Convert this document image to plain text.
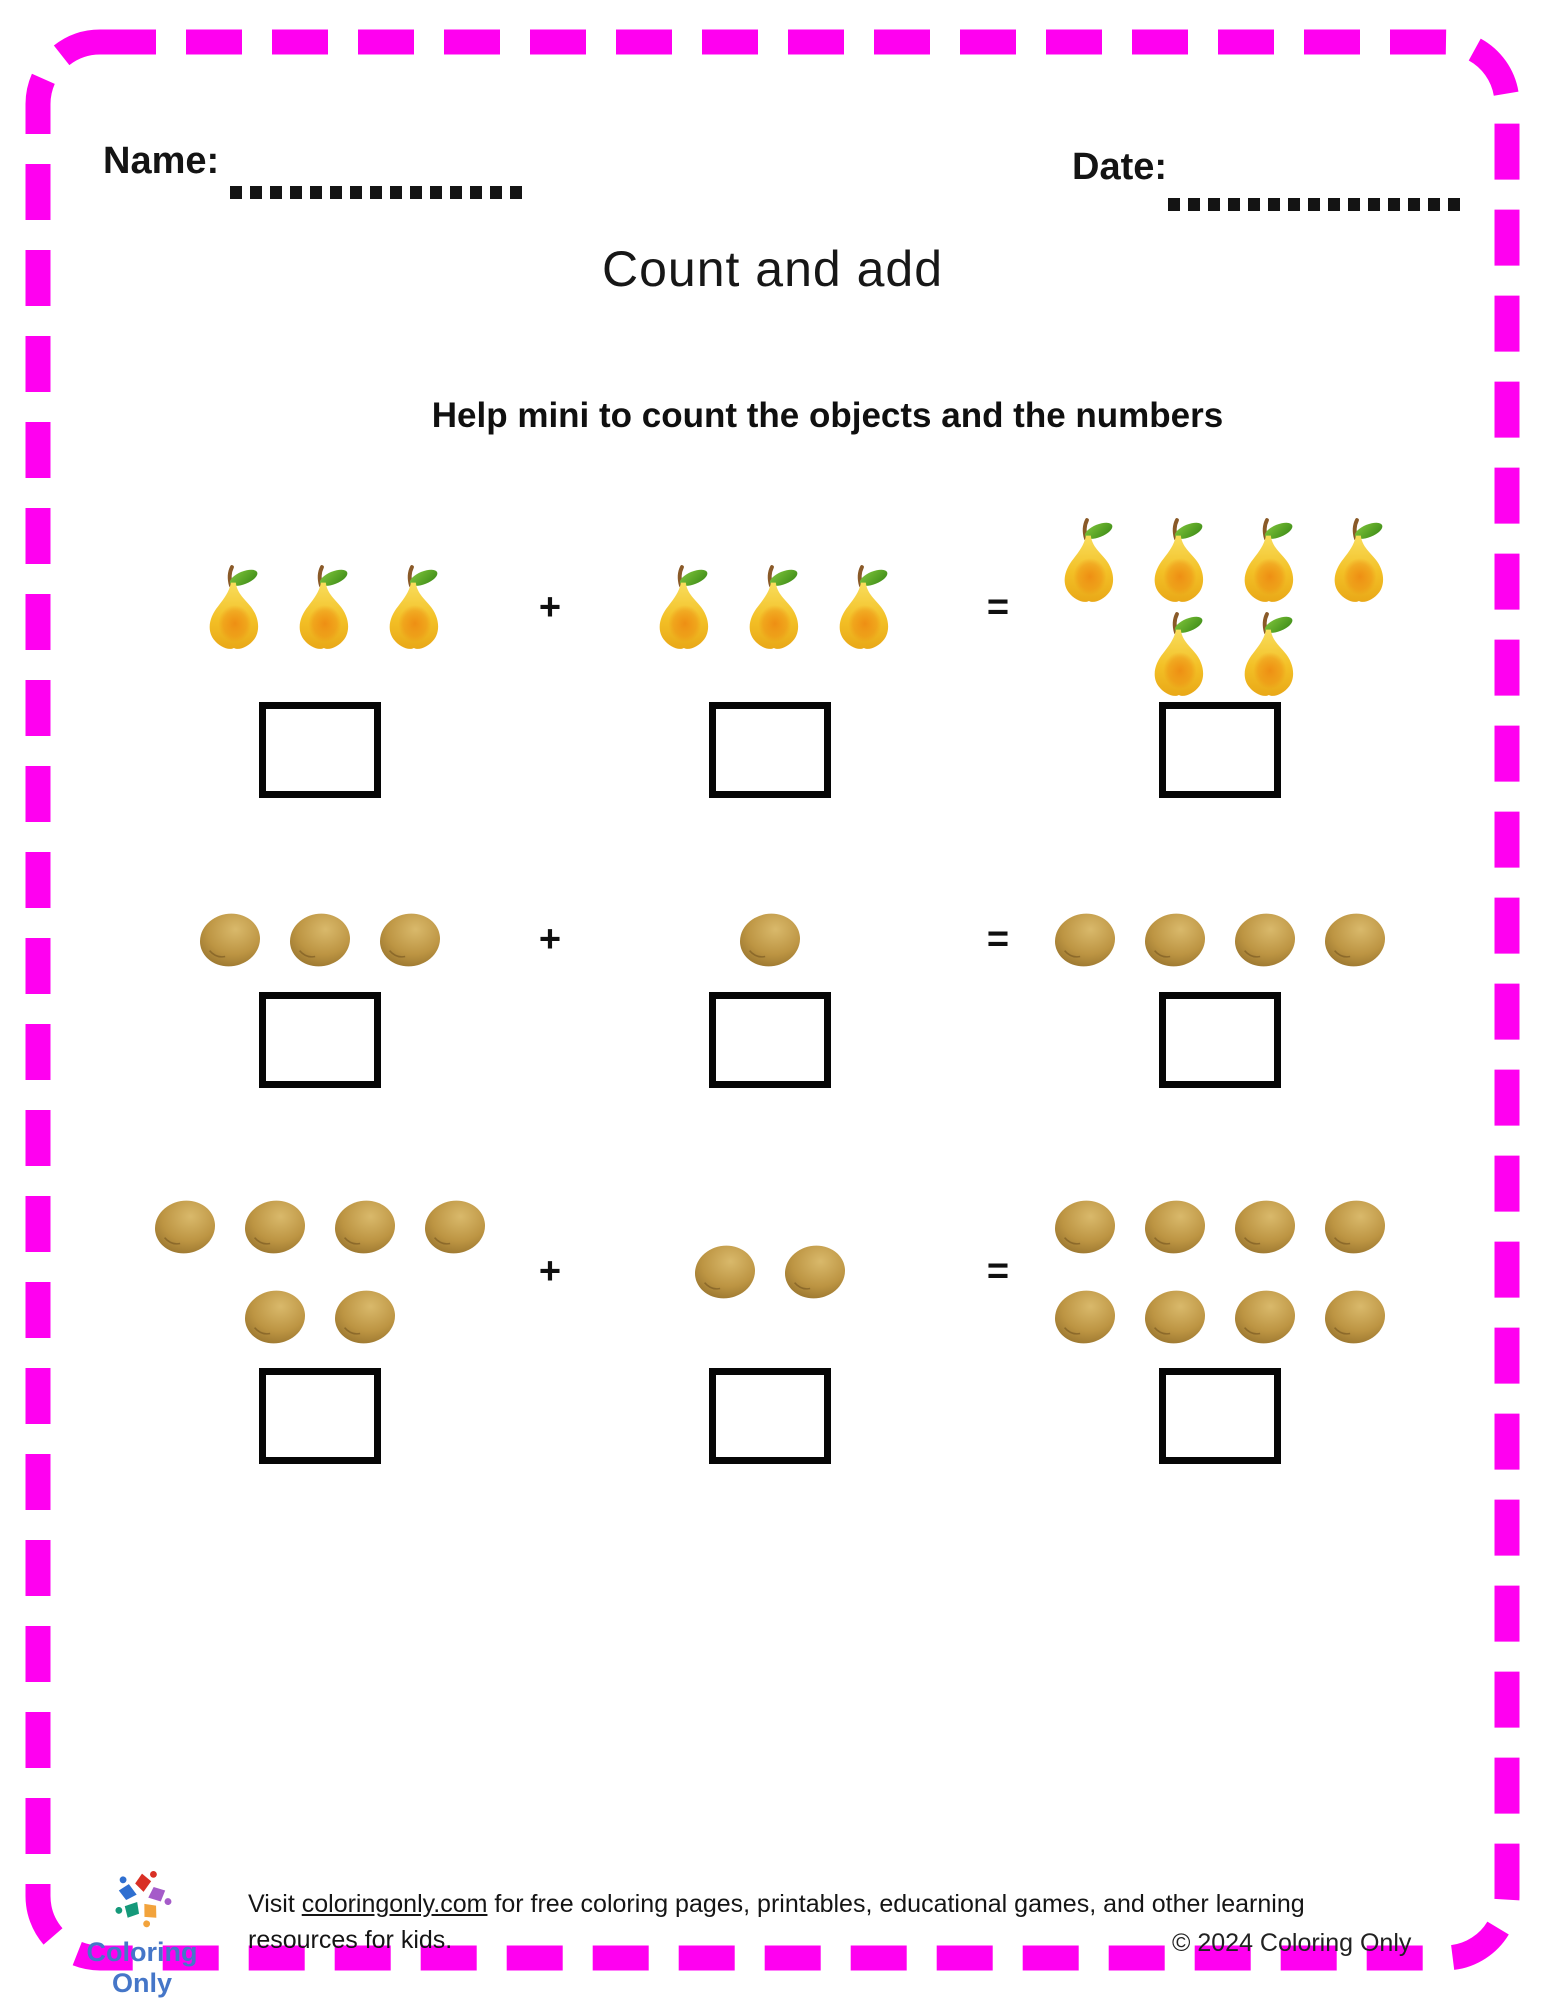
Name:	Date:
Count and add
Help mini to count the objects and the numbers
+	=
+	=
+	=
Coloring Only

Visit coloringonly.com for free coloring pages, printables, educational games, and other learning resources for kids.	© 2024 Coloring Only
